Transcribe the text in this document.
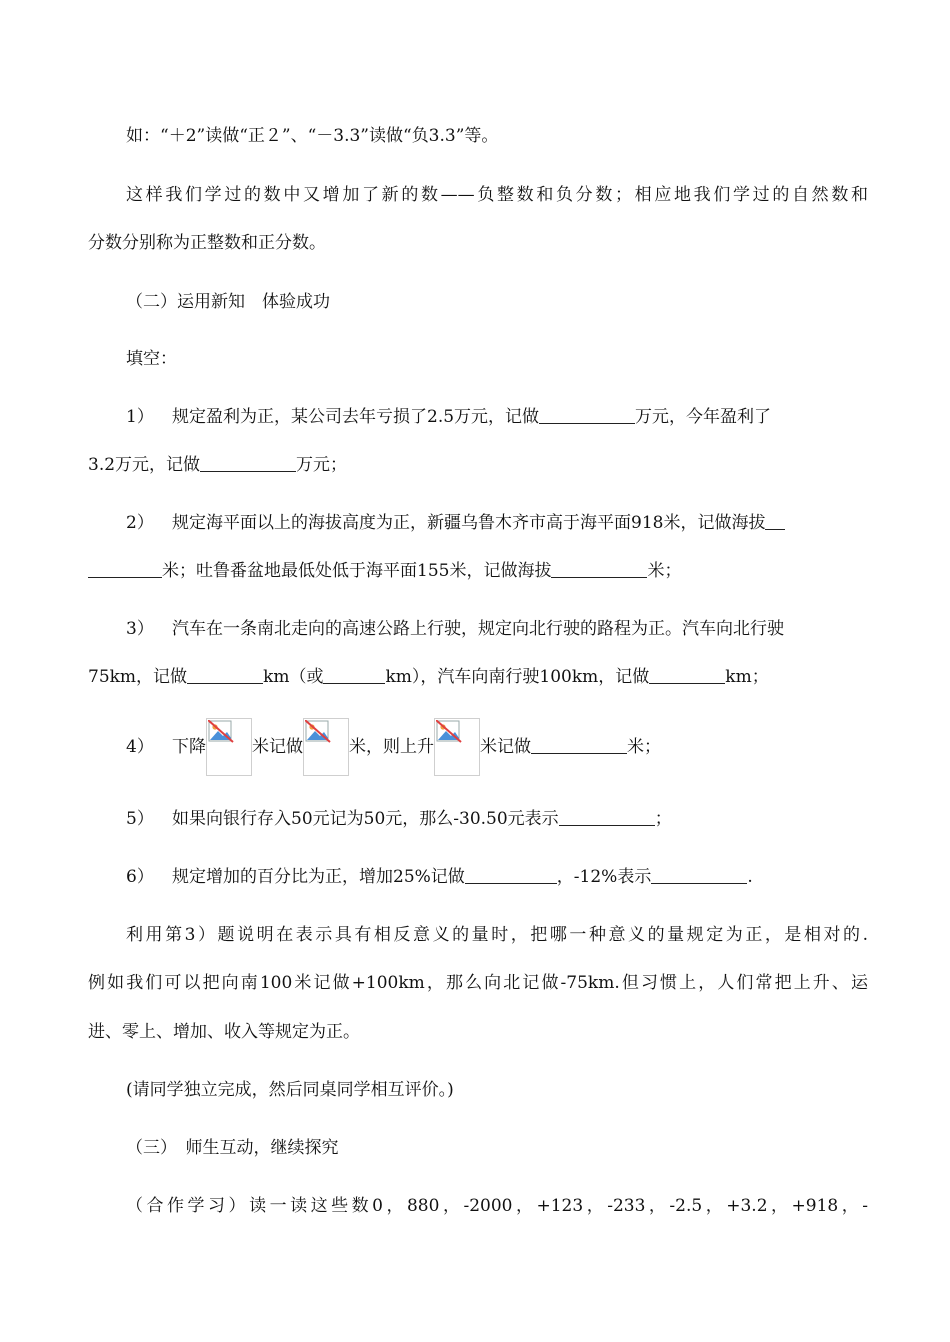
如：“＋2”读做“正２”、“－3.3”读做“负3.3”等。
这样我们学过的数中又增加了新的数——负整数和负分数；相应地我们学过的自然数和
分数分别称为正整数和正分数。
（二）运用新知　体验成功
填空：
1） 规定盈利为正，某公司去年亏损了2.5万元，记做	万元，今年盈利了
3.2万元，记做	万元；
2） 规定海平面以上的海拔高度为正，新疆乌鲁木齐市高于海平面918米，记做海拔
米；吐鲁番盆地最低处低于海平面155米，记做海拔	米；
3） 汽车在一条南北走向的高速公路上行驶，规定向北行驶的路程为正。汽车向北行驶
75km，记做	km（或	km），汽车向南行驶100km，记做	km；
4） 下降	米记做	米，则上升	米记做	米；
5） 如果向银行存入50元记为50元，那么-30.50元表示	；
6） 规定增加的百分比为正，增加25%记做	，-12%表示	.
利用第3）题说明在表示具有相反意义的量时，把哪一种意义的量规定为正，是相对的.
例如我们可以把向南100米记做+100km，那么向北记做-75km.但习惯上，人们常把上升、运
进、零上、增加、收入等规定为正。
(请同学独立完成，然后同桌同学相互评价。)
（三）　师生互动，继续探究
（合作学习）读一读这些数0，880，-2000，+123，-233，-2.5，+3.2，+918，-
